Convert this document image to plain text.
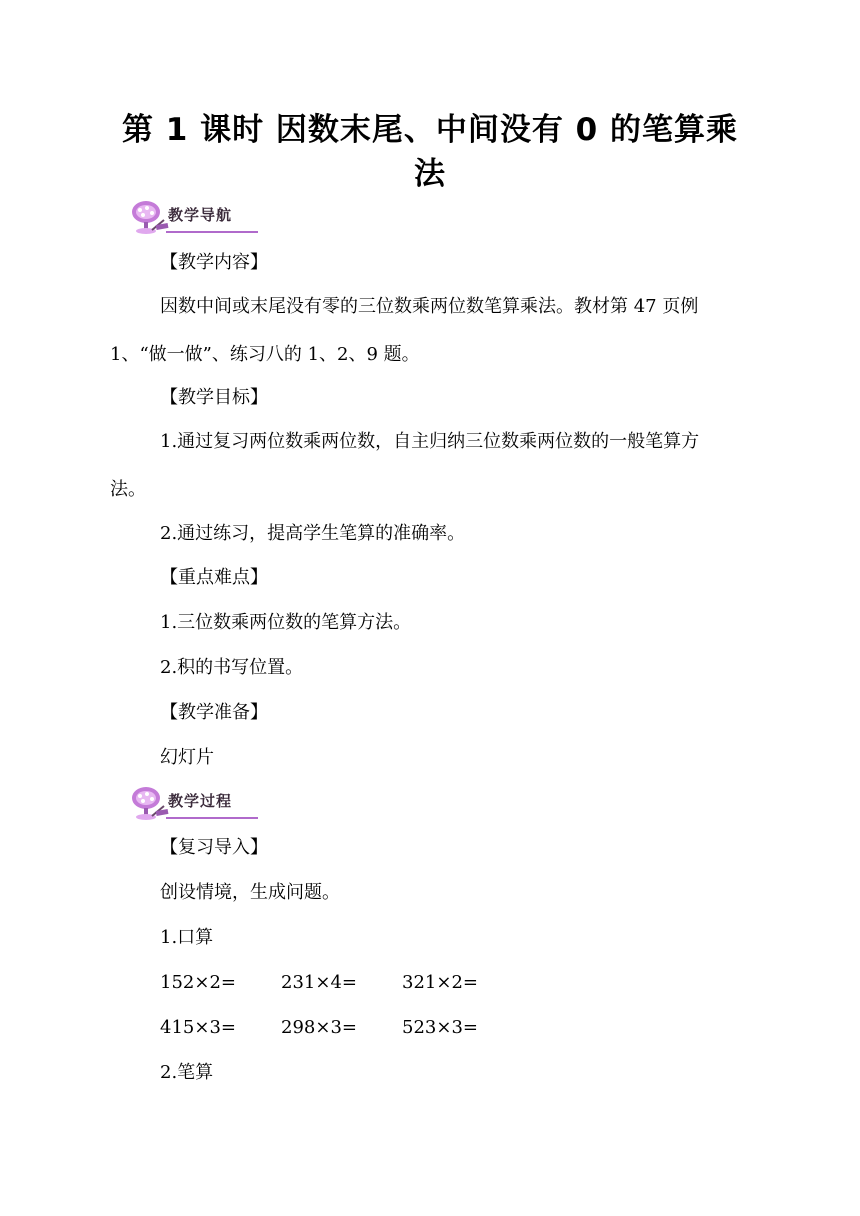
第 1 课时 因数末尾、中间没有 0 的笔算乘
法
教学导航
【教学内容】
因数中间或末尾没有零的三位数乘两位数笔算乘法。教材第 47 页例 1、“做一做”、练习八的 1、2、9 题。
【教学目标】
1.通过复习两位数乘两位数，自主归纳三位数乘两位数的一般笔算方法。
2.通过练习，提高学生笔算的准确率。
【重点难点】
1.三位数乘两位数的笔算方法。
2.积的书写位置。
【教学准备】
幻灯片
教学过程
【复习导入】
创设情境，生成问题。
1.口算
152×2=	231×4=	321×2=
415×3=	298×3=	523×3=
2.笔算
